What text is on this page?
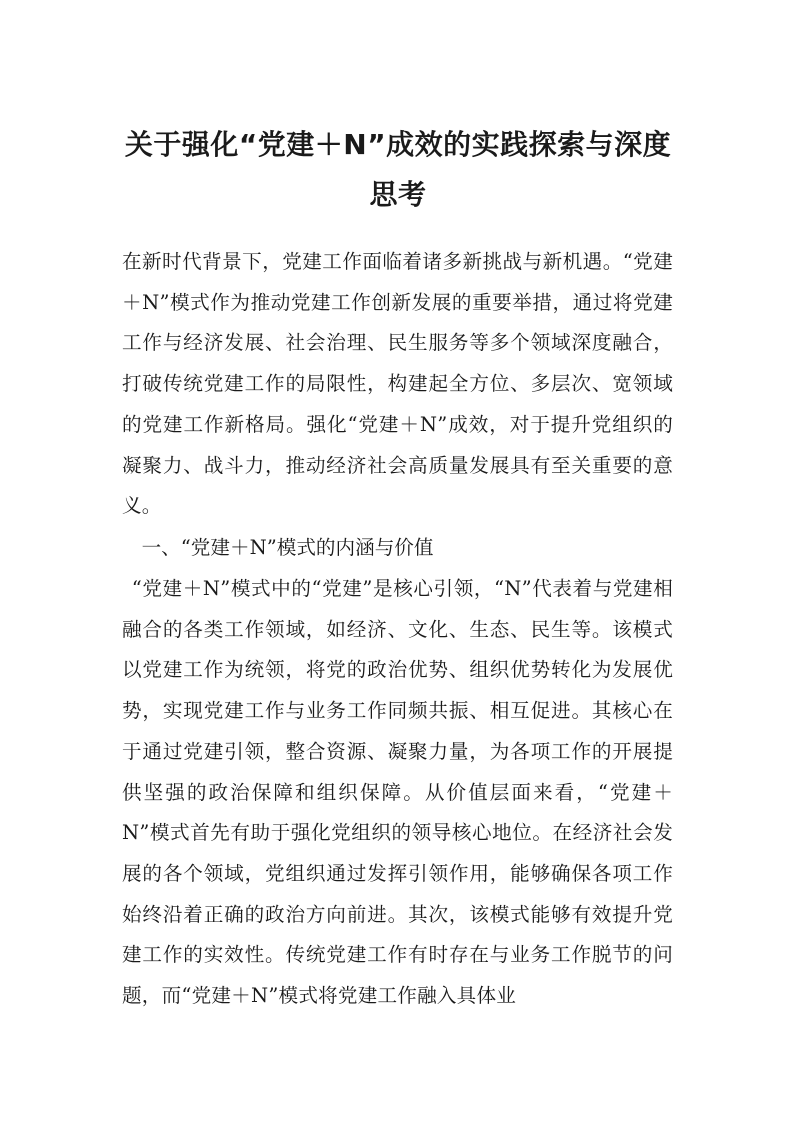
关于强化“党建＋N”成效的实践探索与深度思考

在新时代背景下，党建工作面临着诸多新挑战与新机遇。“党建＋N”模式作为推动党建工作创新发展的重要举措，通过将党建工作与经济发展、社会治理、民生服务等多个领域深度融合，打破传统党建工作的局限性，构建起全方位、多层次、宽领域的党建工作新格局。强化“党建＋N”成效，对于提升党组织的凝聚力、战斗力，推动经济社会高质量发展具有至关重要的意义。

一、“党建＋N”模式的内涵与价值

“党建＋N”模式中的“党建”是核心引领，“N”代表着与党建相融合的各类工作领域，如经济、文化、生态、民生等。该模式以党建工作为统领，将党的政治优势、组织优势转化为发展优势，实现党建工作与业务工作同频共振、相互促进。其核心在于通过党建引领，整合资源、凝聚力量，为各项工作的开展提供坚强的政治保障和组织保障。从价值层面来看，“党建＋N”模式首先有助于强化党组织的领导核心地位。在经济社会发展的各个领域，党组织通过发挥引领作用，能够确保各项工作始终沿着正确的政治方向前进。其次，该模式能够有效提升党建工作的实效性。传统党建工作有时存在与业务工作脱节的问题，而“党建＋N”模式将党建工作融入具体业
